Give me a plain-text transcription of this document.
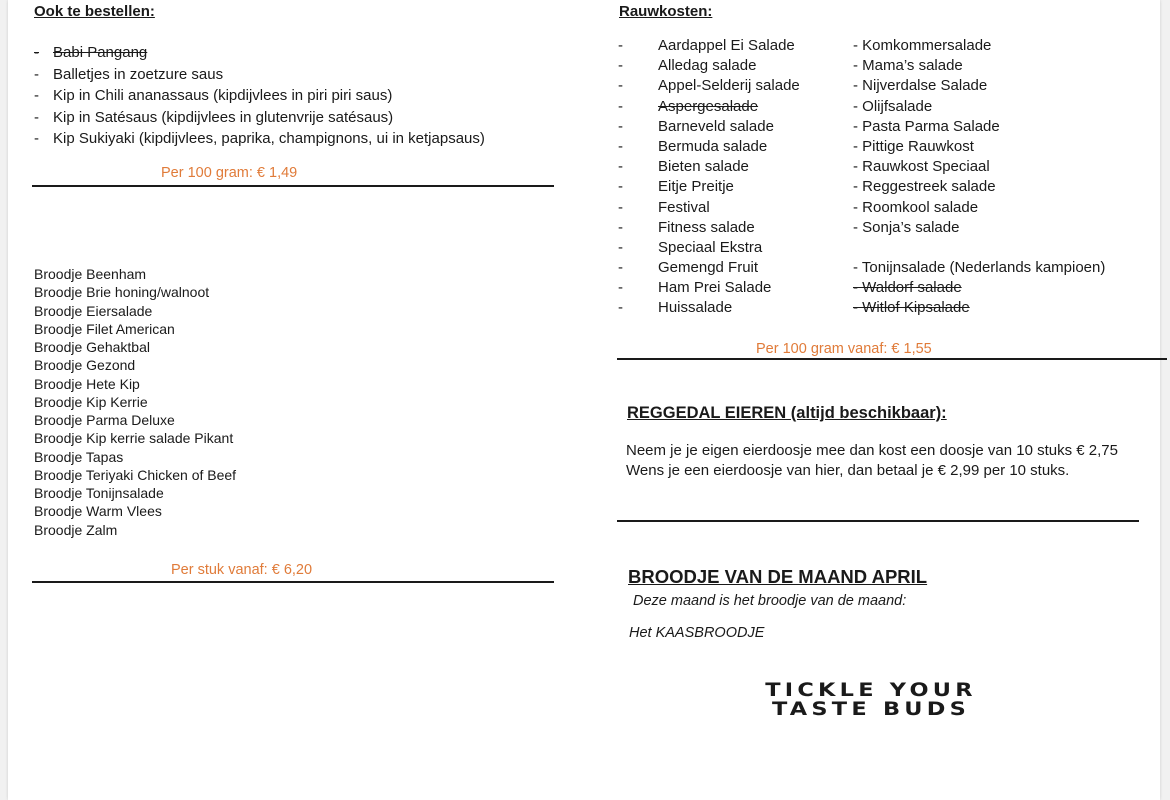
Ook te bestellen:
- Babi Pangang
- Balletjes in zoetzure saus
- Kip in Chili ananassaus (kipdijvlees in piri piri saus)
- Kip in Satésaus (kipdijvlees in glutenvrije satésaus)
- Kip Sukiyaki (kipdijvlees, paprika, champignons, ui in ketjapsaus)
Per 100 gram: € 1,49
Broodje Beenham
Broodje Brie honing/walnoot
Broodje Eiersalade
Broodje Filet American
Broodje Gehaktbal
Broodje Gezond
Broodje Hete Kip
Broodje Kip Kerrie
Broodje Parma Deluxe
Broodje Kip kerrie salade Pikant
Broodje Tapas
Broodje Teriyaki Chicken of Beef
Broodje Tonijnsalade
Broodje Warm Vlees
Broodje Zalm
Per stuk vanaf: € 6,20
Rauwkosten:
- Aardappel Ei Salade	- Komkommersalade
- Alledag salade	- Mama’s salade
- Appel-Selderij salade	- Nijverdalse Salade
- Aspergesalade	- Olijfsalade
- Barneveld salade	- Pasta Parma Salade
- Bermuda salade	- Pittige Rauwkost
- Bieten salade	- Rauwkost Speciaal
- Eitje Preitje	- Reggestreek salade
- Festival	- Roomkool salade
- Fitness salade	- Sonja’s salade
- Speciaal Ekstra
- Gemengd Fruit	- Tonijnsalade (Nederlands kampioen)
- Ham Prei Salade	- Waldorf salade
- Huissalade	- Witlof Kipsalade
Per 100 gram vanaf: € 1,55
REGGEDAL EIEREN (altijd beschikbaar):
Neem je je eigen eierdoosje mee dan kost een doosje van 10 stuks € 2,75
Wens je een eierdoosje van hier, dan betaal je € 2,99 per 10 stuks.
BROODJE VAN DE MAAND APRIL
Deze maand is het broodje van de maand:
Het KAASBROODJE
TICKLE YOUR
TASTE BUDS
